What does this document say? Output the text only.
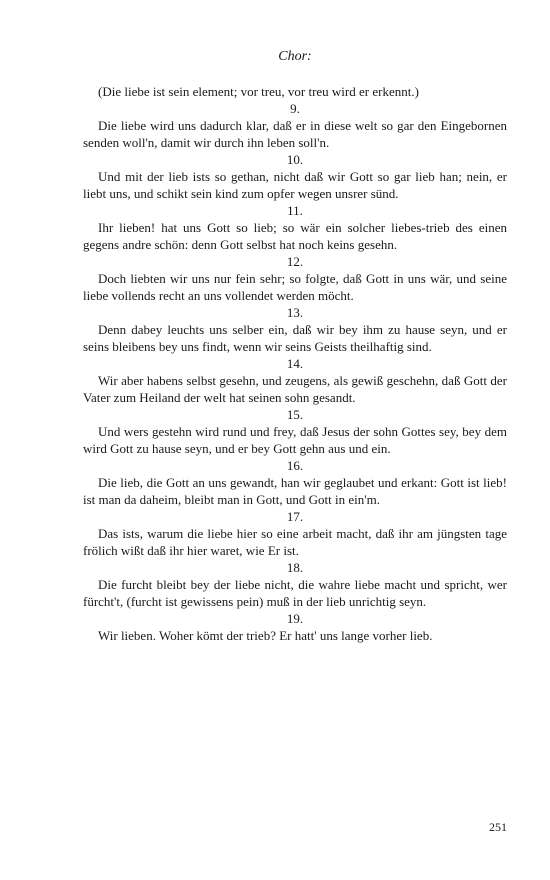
Chor:

(Die liebe ist sein element; vor treu, vor treu wird er erkennt.)

9.

Die liebe wird uns dadurch klar, daß er in diese welt so gar den Eingebornen senden woll'n, damit wir durch ihn leben soll'n.

10.

Und mit der lieb ists so gethan, nicht daß wir Gott so gar lieb han; nein, er liebt uns, und schikt sein kind zum opfer wegen unsrer sünd.

11.

Ihr lieben! hat uns Gott so lieb; so wär ein solcher liebes-trieb des einen gegens andre schön: denn Gott selbst hat noch keins gesehn.

12.

Doch liebten wir uns nur fein sehr; so folgte, daß Gott in uns wär, und seine liebe vollends recht an uns vollendet werden möcht.

13.

Denn dabey leuchts uns selber ein, daß wir bey ihm zu hause seyn, und er seins bleibens bey uns findt, wenn wir seins Geists theilhaftig sind.

14.

Wir aber habens selbst gesehn, und zeugens, als gewiß geschehn, daß Gott der Vater zum Heiland der welt hat seinen sohn gesandt.

15.

Und wers gestehn wird rund und frey, daß Jesus der sohn Gottes sey, bey dem wird Gott zu hause seyn, und er bey Gott gehn aus und ein.

16.

Die lieb, die Gott an uns gewandt, han wir geglaubet und erkant: Gott ist lieb! ist man da daheim, bleibt man in Gott, und Gott in ein'm.

17.

Das ists, warum die liebe hier so eine arbeit macht, daß ihr am jüngsten tage frölich wißt daß ihr hier waret, wie Er ist.

18.

Die furcht bleibt bey der liebe nicht, die wahre liebe macht und spricht, wer fürcht't, (furcht ist gewissens pein) muß in der lieb unrichtig seyn.

19.

Wir lieben. Woher kömt der trieb? Er hatt' uns lange vorher lieb.

251
